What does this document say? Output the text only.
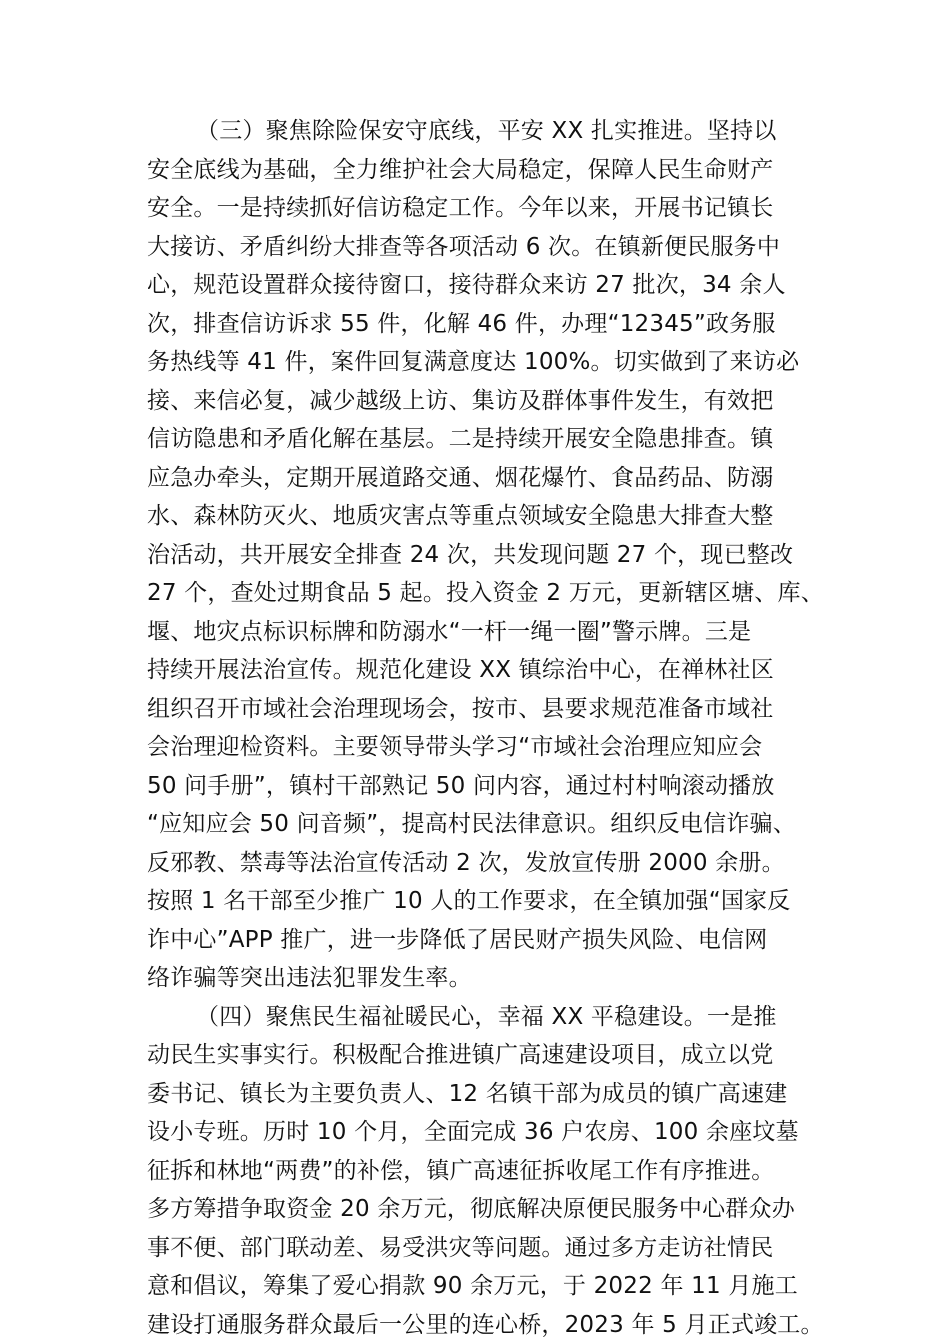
（三）聚焦除险保安守底线，平安 XX 扎实推进。坚持以
安全底线为基础，全力维护社会大局稳定，保障人民生命财产
安全。一是持续抓好信访稳定工作。今年以来，开展书记镇长
大接访、矛盾纠纷大排查等各项活动 6 次。在镇新便民服务中
心，规范设置群众接待窗口，接待群众来访 27 批次，34 余人
次，排查信访诉求 55 件，化解 46 件，办理“12345”政务服
务热线等 41 件，案件回复满意度达 100%。切实做到了来访必
接、来信必复，减少越级上访、集访及群体事件发生，有效把
信访隐患和矛盾化解在基层。二是持续开展安全隐患排查。镇
应急办牵头，定期开展道路交通、烟花爆竹、食品药品、防溺
水、森林防灭火、地质灾害点等重点领域安全隐患大排查大整
治活动，共开展安全排查 24 次，共发现问题 27 个，现已整改
27 个，查处过期食品 5 起。投入资金 2 万元，更新辖区塘、库、
堰、地灾点标识标牌和防溺水“一杆一绳一圈”警示牌。三是
持续开展法治宣传。规范化建设 XX 镇综治中心，在禅林社区
组织召开市域社会治理现场会，按市、县要求规范准备市域社
会治理迎检资料。主要领导带头学习“市域社会治理应知应会
50 问手册”，镇村干部熟记 50 问内容，通过村村响滚动播放
“应知应会 50 问音频”，提高村民法律意识。组织反电信诈骗、
反邪教、禁毒等法治宣传活动 2 次，发放宣传册 2000 余册。
按照 1 名干部至少推广 10 人的工作要求，在全镇加强“国家反
诈中心”APP 推广，进一步降低了居民财产损失风险、电信网
络诈骗等突出违法犯罪发生率。
（四）聚焦民生福祉暖民心，幸福 XX 平稳建设。一是推
动民生实事实行。积极配合推进镇广高速建设项目，成立以党
委书记、镇长为主要负责人、12 名镇干部为成员的镇广高速建
设小专班。历时 10 个月，全面完成 36 户农房、100 余座坟墓
征拆和林地“两费”的补偿，镇广高速征拆收尾工作有序推进。
多方筹措争取资金 20 余万元，彻底解决原便民服务中心群众办
事不便、部门联动差、易受洪灾等问题。通过多方走访社情民
意和倡议，筹集了爱心捐款 90 余万元，于 2022 年 11 月施工
建设打通服务群众最后一公里的连心桥，2023 年 5 月正式竣工。
